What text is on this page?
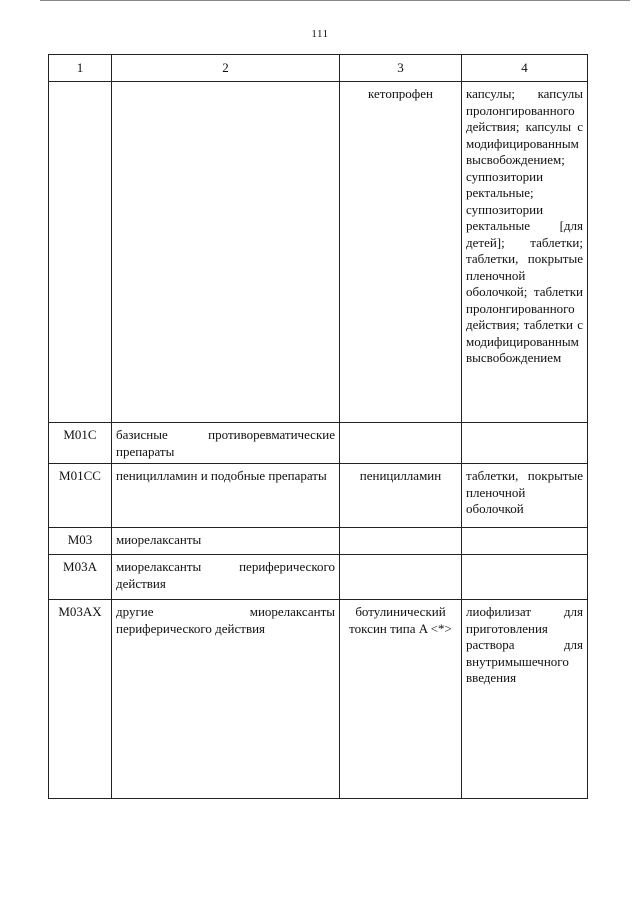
111
1	2	3	4
		кетопрофен	капсулы; капсулы пролонгированного действия; капсулы с модифицированным высвобождением; суппозитории ректальные; суппозитории ректальные [для детей]; таблетки; таблетки, покрытые пленочной оболочкой; таблетки пролонгированного действия; таблетки с модифицированным высвобождением
M01C	базисные противоревматические препараты		
M01CC	пеницилламин и подобные препараты	пеницилламин	таблетки, покрытые пленочной оболочкой
M03	миорелаксанты		
M03A	миорелаксанты периферического действия		
M03AX	другие миорелаксанты периферического действия	ботулинический токсин типа A <*>	лиофилизат для приготовления раствора для внутримышечного введения
